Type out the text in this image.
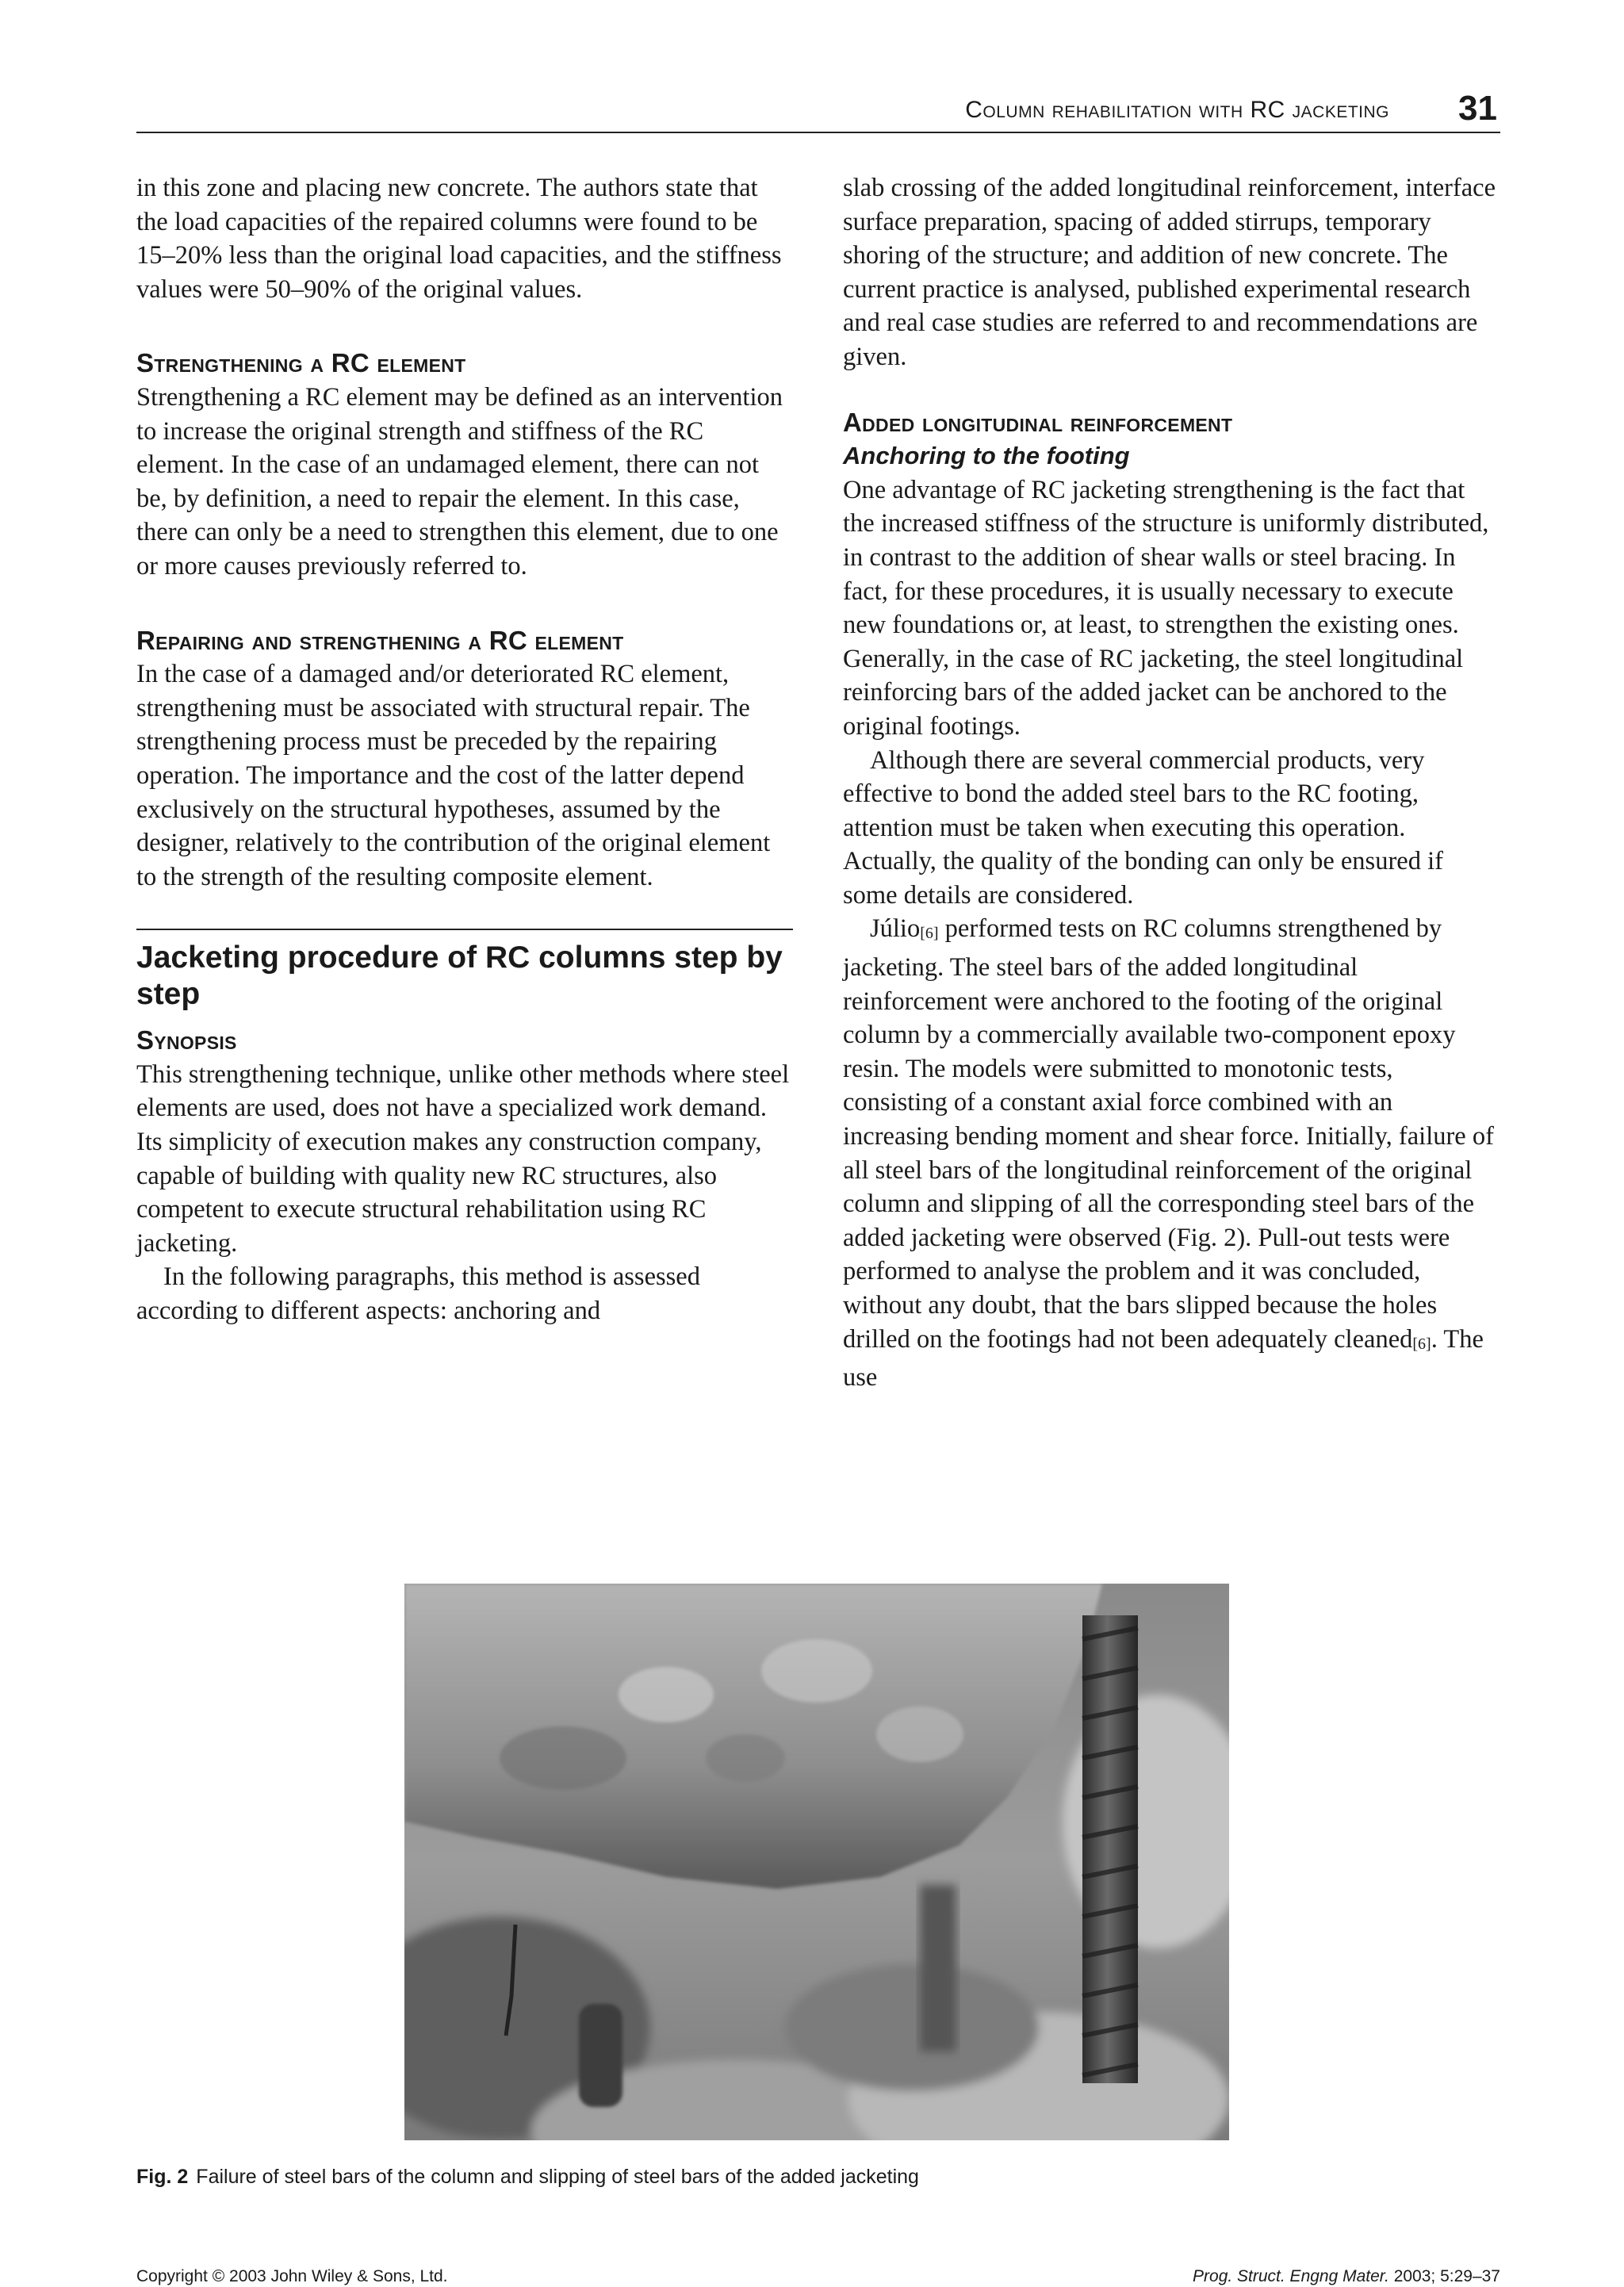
Column rehabilitation with RC jacketing 31

in this zone and placing new concrete. The authors state that the load capacities of the repaired columns were found to be 15–20% less than the original load capacities, and the stiffness values were 50–90% of the original values.

Strengthening a RC element

Strengthening a RC element may be defined as an intervention to increase the original strength and stiffness of the RC element. In the case of an undamaged element, there can not be, by definition, a need to repair the element. In this case, there can only be a need to strengthen this element, due to one or more causes previously referred to.

Repairing and strengthening a RC element

In the case of a damaged and/or deteriorated RC element, strengthening must be associated with structural repair. The strengthening process must be preceded by the repairing operation. The importance and the cost of the latter depend exclusively on the structural hypotheses, assumed by the designer, relatively to the contribution of the original element to the strength of the resulting composite element.

Jacketing procedure of RC columns step by step

Synopsis

This strengthening technique, unlike other methods where steel elements are used, does not have a specialized work demand. Its simplicity of execution makes any construction company, capable of building with quality new RC structures, also competent to execute structural rehabilitation using RC jacketing.

In the following paragraphs, this method is assessed according to different aspects: anchoring and

slab crossing of the added longitudinal reinforcement, interface surface preparation, spacing of added stirrups, temporary shoring of the structure; and addition of new concrete. The current practice is analysed, published experimental research and real case studies are referred to and recommendations are given.

Added longitudinal reinforcement

Anchoring to the footing

One advantage of RC jacketing strengthening is the fact that the increased stiffness of the structure is uniformly distributed, in contrast to the addition of shear walls or steel bracing. In fact, for these procedures, it is usually necessary to execute new foundations or, at least, to strengthen the existing ones. Generally, in the case of RC jacketing, the steel longitudinal reinforcing bars of the added jacket can be anchored to the original footings.

Although there are several commercial products, very effective to bond the added steel bars to the RC footing, attention must be taken when executing this operation. Actually, the quality of the bonding can only be ensured if some details are considered.

Júlio[6] performed tests on RC columns strengthened by jacketing. The steel bars of the added longitudinal reinforcement were anchored to the footing of the original column by a commercially available two-component epoxy resin. The models were submitted to monotonic tests, consisting of a constant axial force combined with an increasing bending moment and shear force. Initially, failure of all steel bars of the longitudinal reinforcement of the original column and slipping of all the corresponding steel bars of the added jacketing were observed (Fig. 2). Pull-out tests were performed to analyse the problem and it was concluded, without any doubt, that the bars slipped because the holes drilled on the footings had not been adequately cleaned[6]. The use

Fig. 2 Failure of steel bars of the column and slipping of steel bars of the added jacketing
Copyright © 2003 John Wiley & Sons, Ltd.	Prog. Struct. Engng Mater. 2003; 5:29–37
